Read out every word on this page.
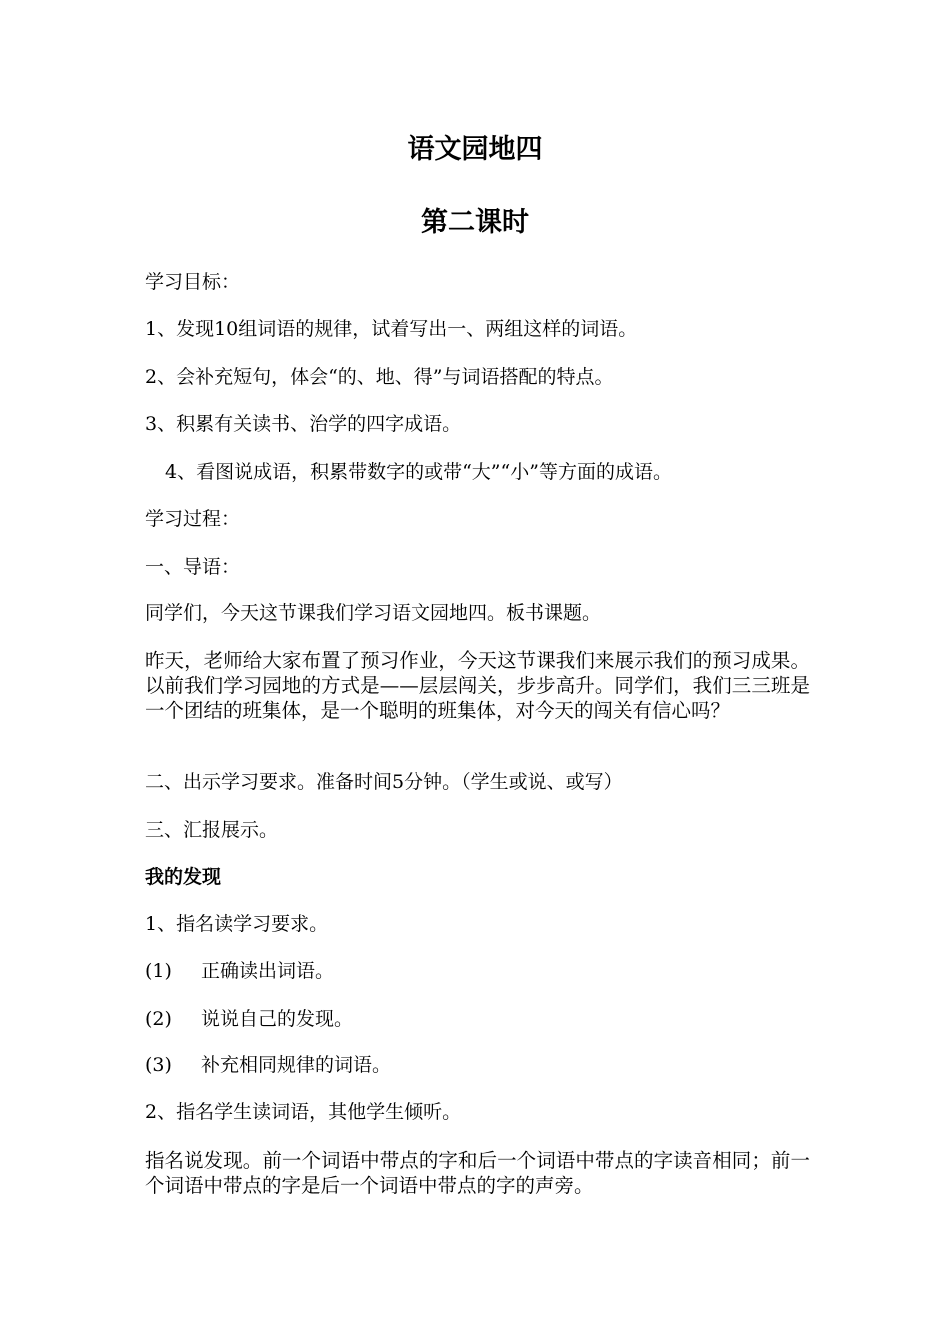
语文园地四
第二课时
学习目标：
1、发现10组词语的规律，试着写出一、两组这样的词语。
2、会补充短句，体会“的、地、得”与词语搭配的特点。
3、积累有关读书、治学的四字成语。
4、看图说成语，积累带数字的或带“大”“小”等方面的成语。
学习过程：
一、导语：
同学们，今天这节课我们学习语文园地四。板书课题。
昨天，老师给大家布置了预习作业，今天这节课我们来展示我们的预习成果。以前我们学习园地的方式是——层层闯关，步步高升。同学们，我们三三班是一个团结的班集体，是一个聪明的班集体，对今天的闯关有信心吗？
二、出示学习要求。准备时间5分钟。（学生或说、或写）
三、汇报展示。
我的发现
1、指名读学习要求。
(1) 正确读出词语。
(2) 说说自己的发现。
(3) 补充相同规律的词语。
2、指名学生读词语，其他学生倾听。
指名说发现。前一个词语中带点的字和后一个词语中带点的字读音相同；前一个词语中带点的字是后一个词语中带点的字的声旁。
